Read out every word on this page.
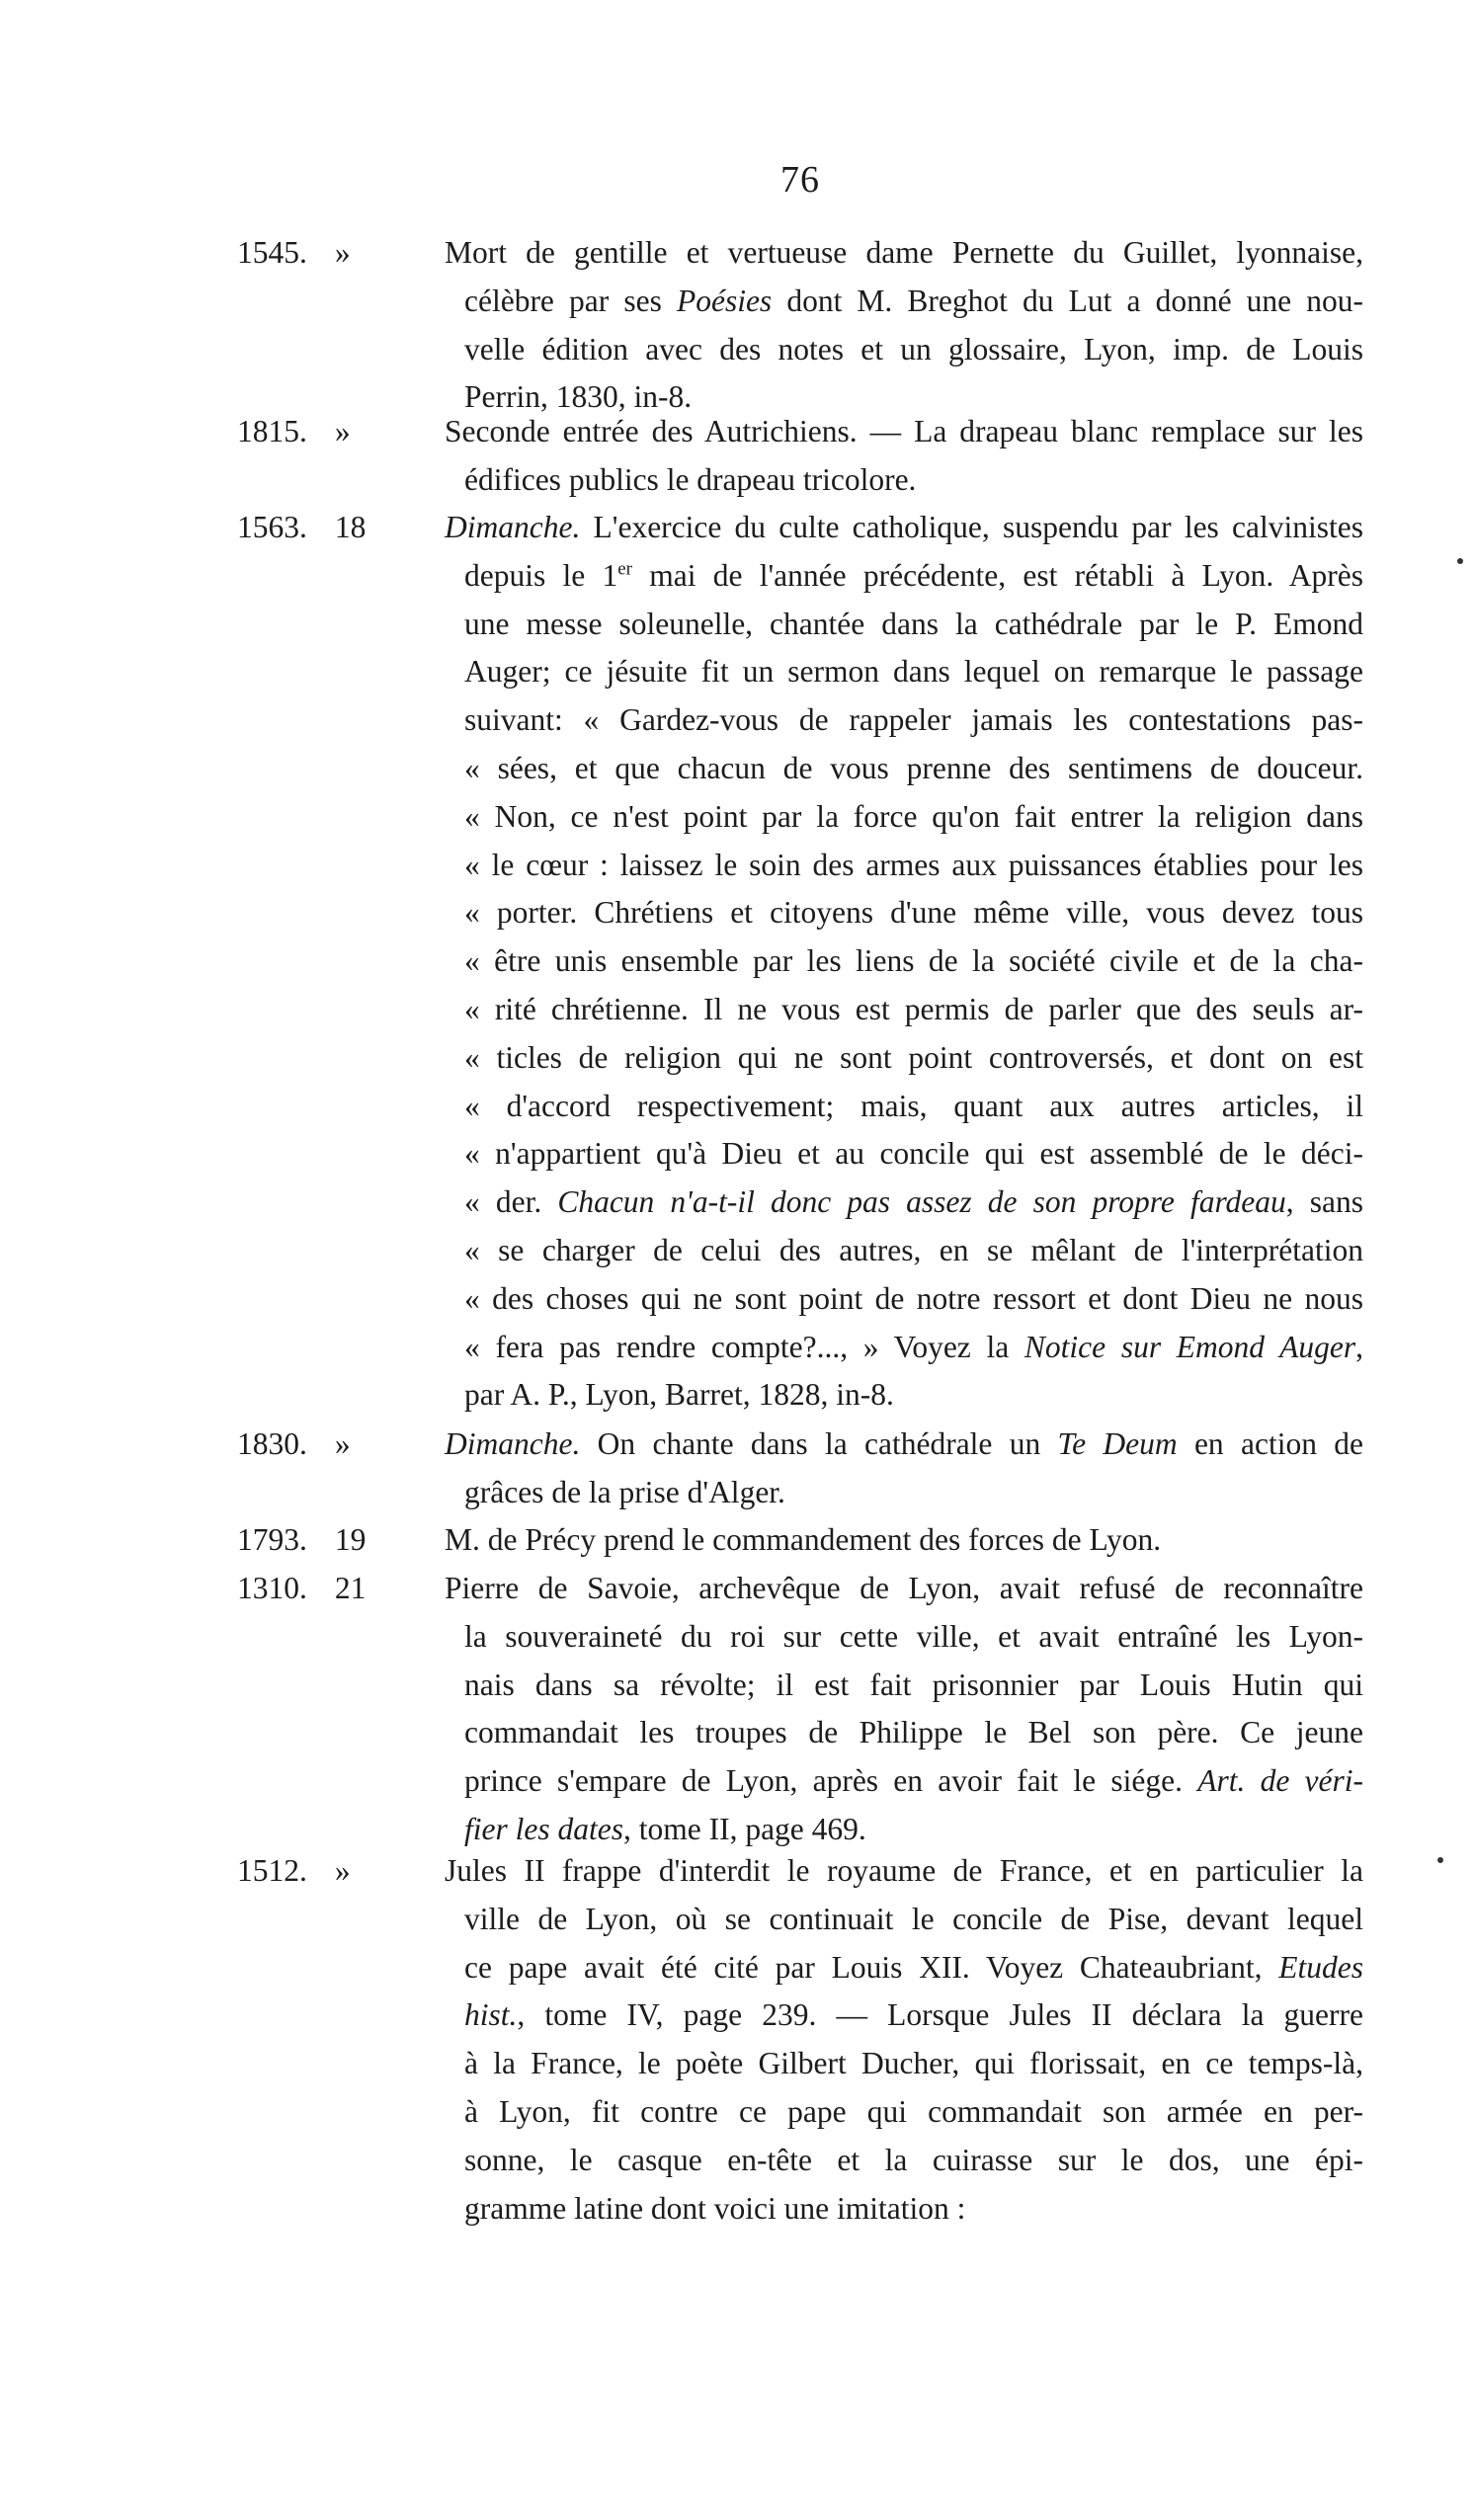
76
1545. »	Mort de gentille et vertueuse dame Pernette du Guillet, lyonnaise,
célèbre par ses Poésies dont M. Breghot du Lut a donné une nou-
velle édition avec des notes et un glossaire, Lyon, imp. de Louis
Perrin, 1830, in-8.
1815. »	Seconde entrée des Autrichiens. — La drapeau blanc remplace sur les
édifices publics le drapeau tricolore.
1563. 18	Dimanche. L'exercice du culte catholique, suspendu par les calvinistes
depuis le 1er mai de l'année précédente, est rétabli à Lyon. Après
une messe soleunelle, chantée dans la cathédrale par le P. Emond
Auger; ce jésuite fit un sermon dans lequel on remarque le passage
suivant: « Gardez-vous de rappeler jamais les contestations pas-
« sées, et que chacun de vous prenne des sentimens de douceur.
« Non, ce n'est point par la force qu'on fait entrer la religion dans
« le cœur : laissez le soin des armes aux puissances établies pour les
« porter. Chrétiens et citoyens d'une même ville, vous devez tous
« être unis ensemble par les liens de la société civile et de la cha-
« rité chrétienne. Il ne vous est permis de parler que des seuls ar-
« ticles de religion qui ne sont point controversés, et dont on est
« d'accord respectivement; mais, quant aux autres articles, il
« n'appartient qu'à Dieu et au concile qui est assemblé de le déci-
« der. Chacun n'a-t-il donc pas assez de son propre fardeau, sans
« se charger de celui des autres, en se mêlant de l'interprétation
« des choses qui ne sont point de notre ressort et dont Dieu ne nous
« fera pas rendre compte?..., » Voyez la Notice sur Emond Auger,
par A. P., Lyon, Barret, 1828, in-8.
1830. »	Dimanche. On chante dans la cathédrale un Te Deum en action de
grâces de la prise d'Alger.
1793. 19	M. de Précy prend le commandement des forces de Lyon.
1310. 21	Pierre de Savoie, archevêque de Lyon, avait refusé de reconnaître
la souveraineté du roi sur cette ville, et avait entraîné les Lyon-
nais dans sa révolte; il est fait prisonnier par Louis Hutin qui
commandait les troupes de Philippe le Bel son père. Ce jeune
prince s'empare de Lyon, après en avoir fait le siége. Art. de véri-
fier les dates, tome II, page 469.
1512. »	Jules II frappe d'interdit le royaume de France, et en particulier la
ville de Lyon, où se continuait le concile de Pise, devant lequel
ce pape avait été cité par Louis XII. Voyez Chateaubriant, Etudes
hist., tome IV, page 239. — Lorsque Jules II déclara la guerre
à la France, le poète Gilbert Ducher, qui florissait, en ce temps-là,
à Lyon, fit contre ce pape qui commandait son armée en per-
sonne, le casque en-tête et la cuirasse sur le dos, une épi-
gramme latine dont voici une imitation :
